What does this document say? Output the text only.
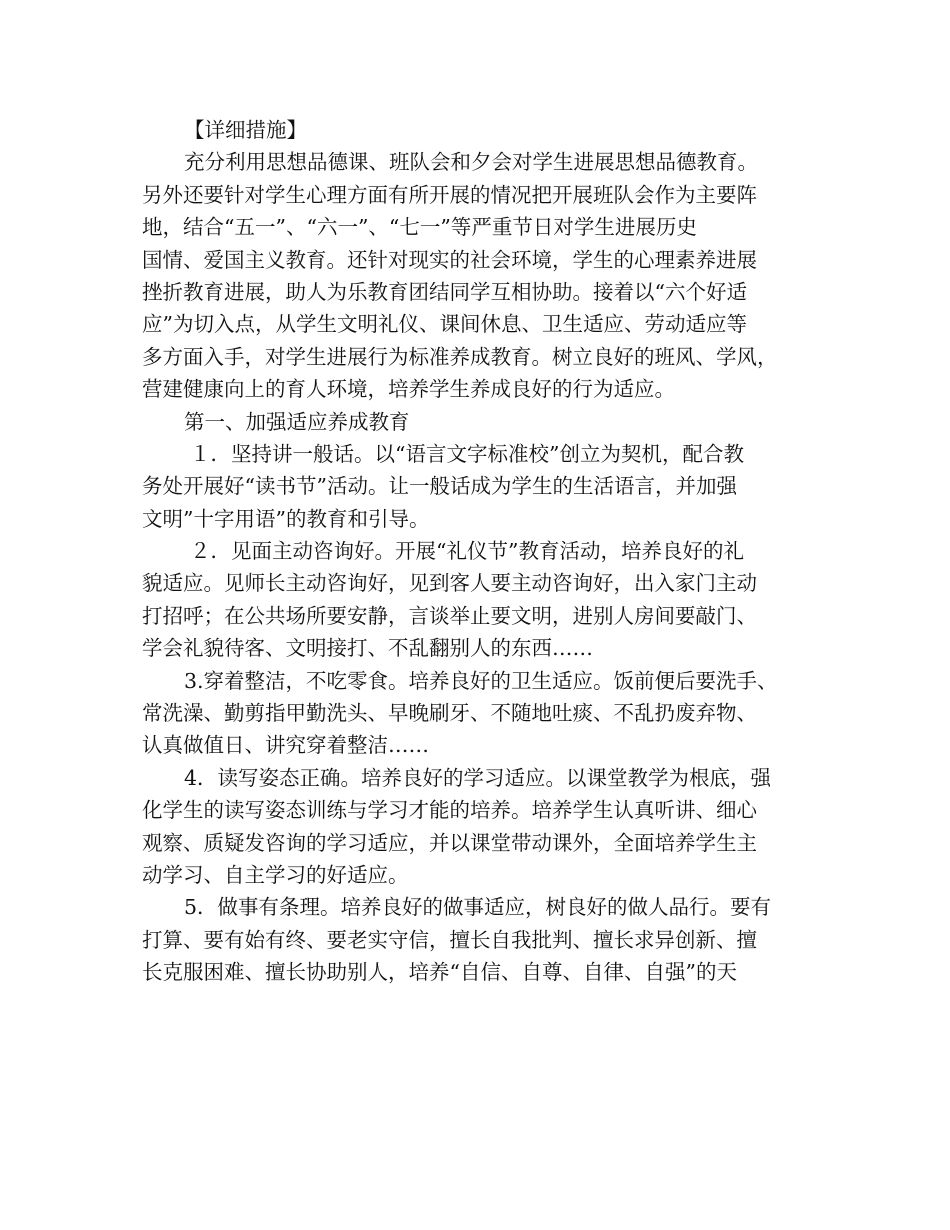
【详细措施】
充分利用思想品德课、班队会和夕会对学生进展思想品德教育。
另外还要针对学生心理方面有所开展的情况把开展班队会作为主要阵
地，结合“五一”、“六一”、“七一”等严重节日对学生进展历史
国情、爱国主义教育。还针对现实的社会环境，学生的心理素养进展
挫折教育进展，助人为乐教育团结同学互相协助。接着以“六个好适
应”为切入点，从学生文明礼仪、课间休息、卫生适应、劳动适应等
多方面入手，对学生进展行为标准养成教育。树立良好的班风、学风，
营建健康向上的育人环境，培养学生养成良好的行为适应。
第一、加强适应养成教育
１．坚持讲一般话。以“语言文字标准校”创立为契机，配合教
务处开展好“读书节”活动。让一般话成为学生的生活语言，并加强
文明”十字用语”的教育和引导。
２．见面主动咨询好。开展“礼仪节”教育活动，培养良好的礼
貌适应。见师长主动咨询好，见到客人要主动咨询好，出入家门主动
打招呼；在公共场所要安静，言谈举止要文明，进别人房间要敲门、
学会礼貌待客、文明接打、不乱翻别人的东西……
3.穿着整洁，不吃零食。培养良好的卫生适应。饭前便后要洗手、
常洗澡、勤剪指甲勤洗头、早晚刷牙、不随地吐痰、不乱扔废弃物、
认真做值日、讲究穿着整洁……
4．读写姿态正确。培养良好的学习适应。以课堂教学为根底，强
化学生的读写姿态训练与学习才能的培养。培养学生认真听讲、细心
观察、质疑发咨询的学习适应，并以课堂带动课外，全面培养学生主
动学习、自主学习的好适应。
5．做事有条理。培养良好的做事适应，树良好的做人品行。要有
打算、要有始有终、要老实守信，擅长自我批判、擅长求异创新、擅
长克服困难、擅长协助别人，培养“自信、自尊、自律、自强”的天
